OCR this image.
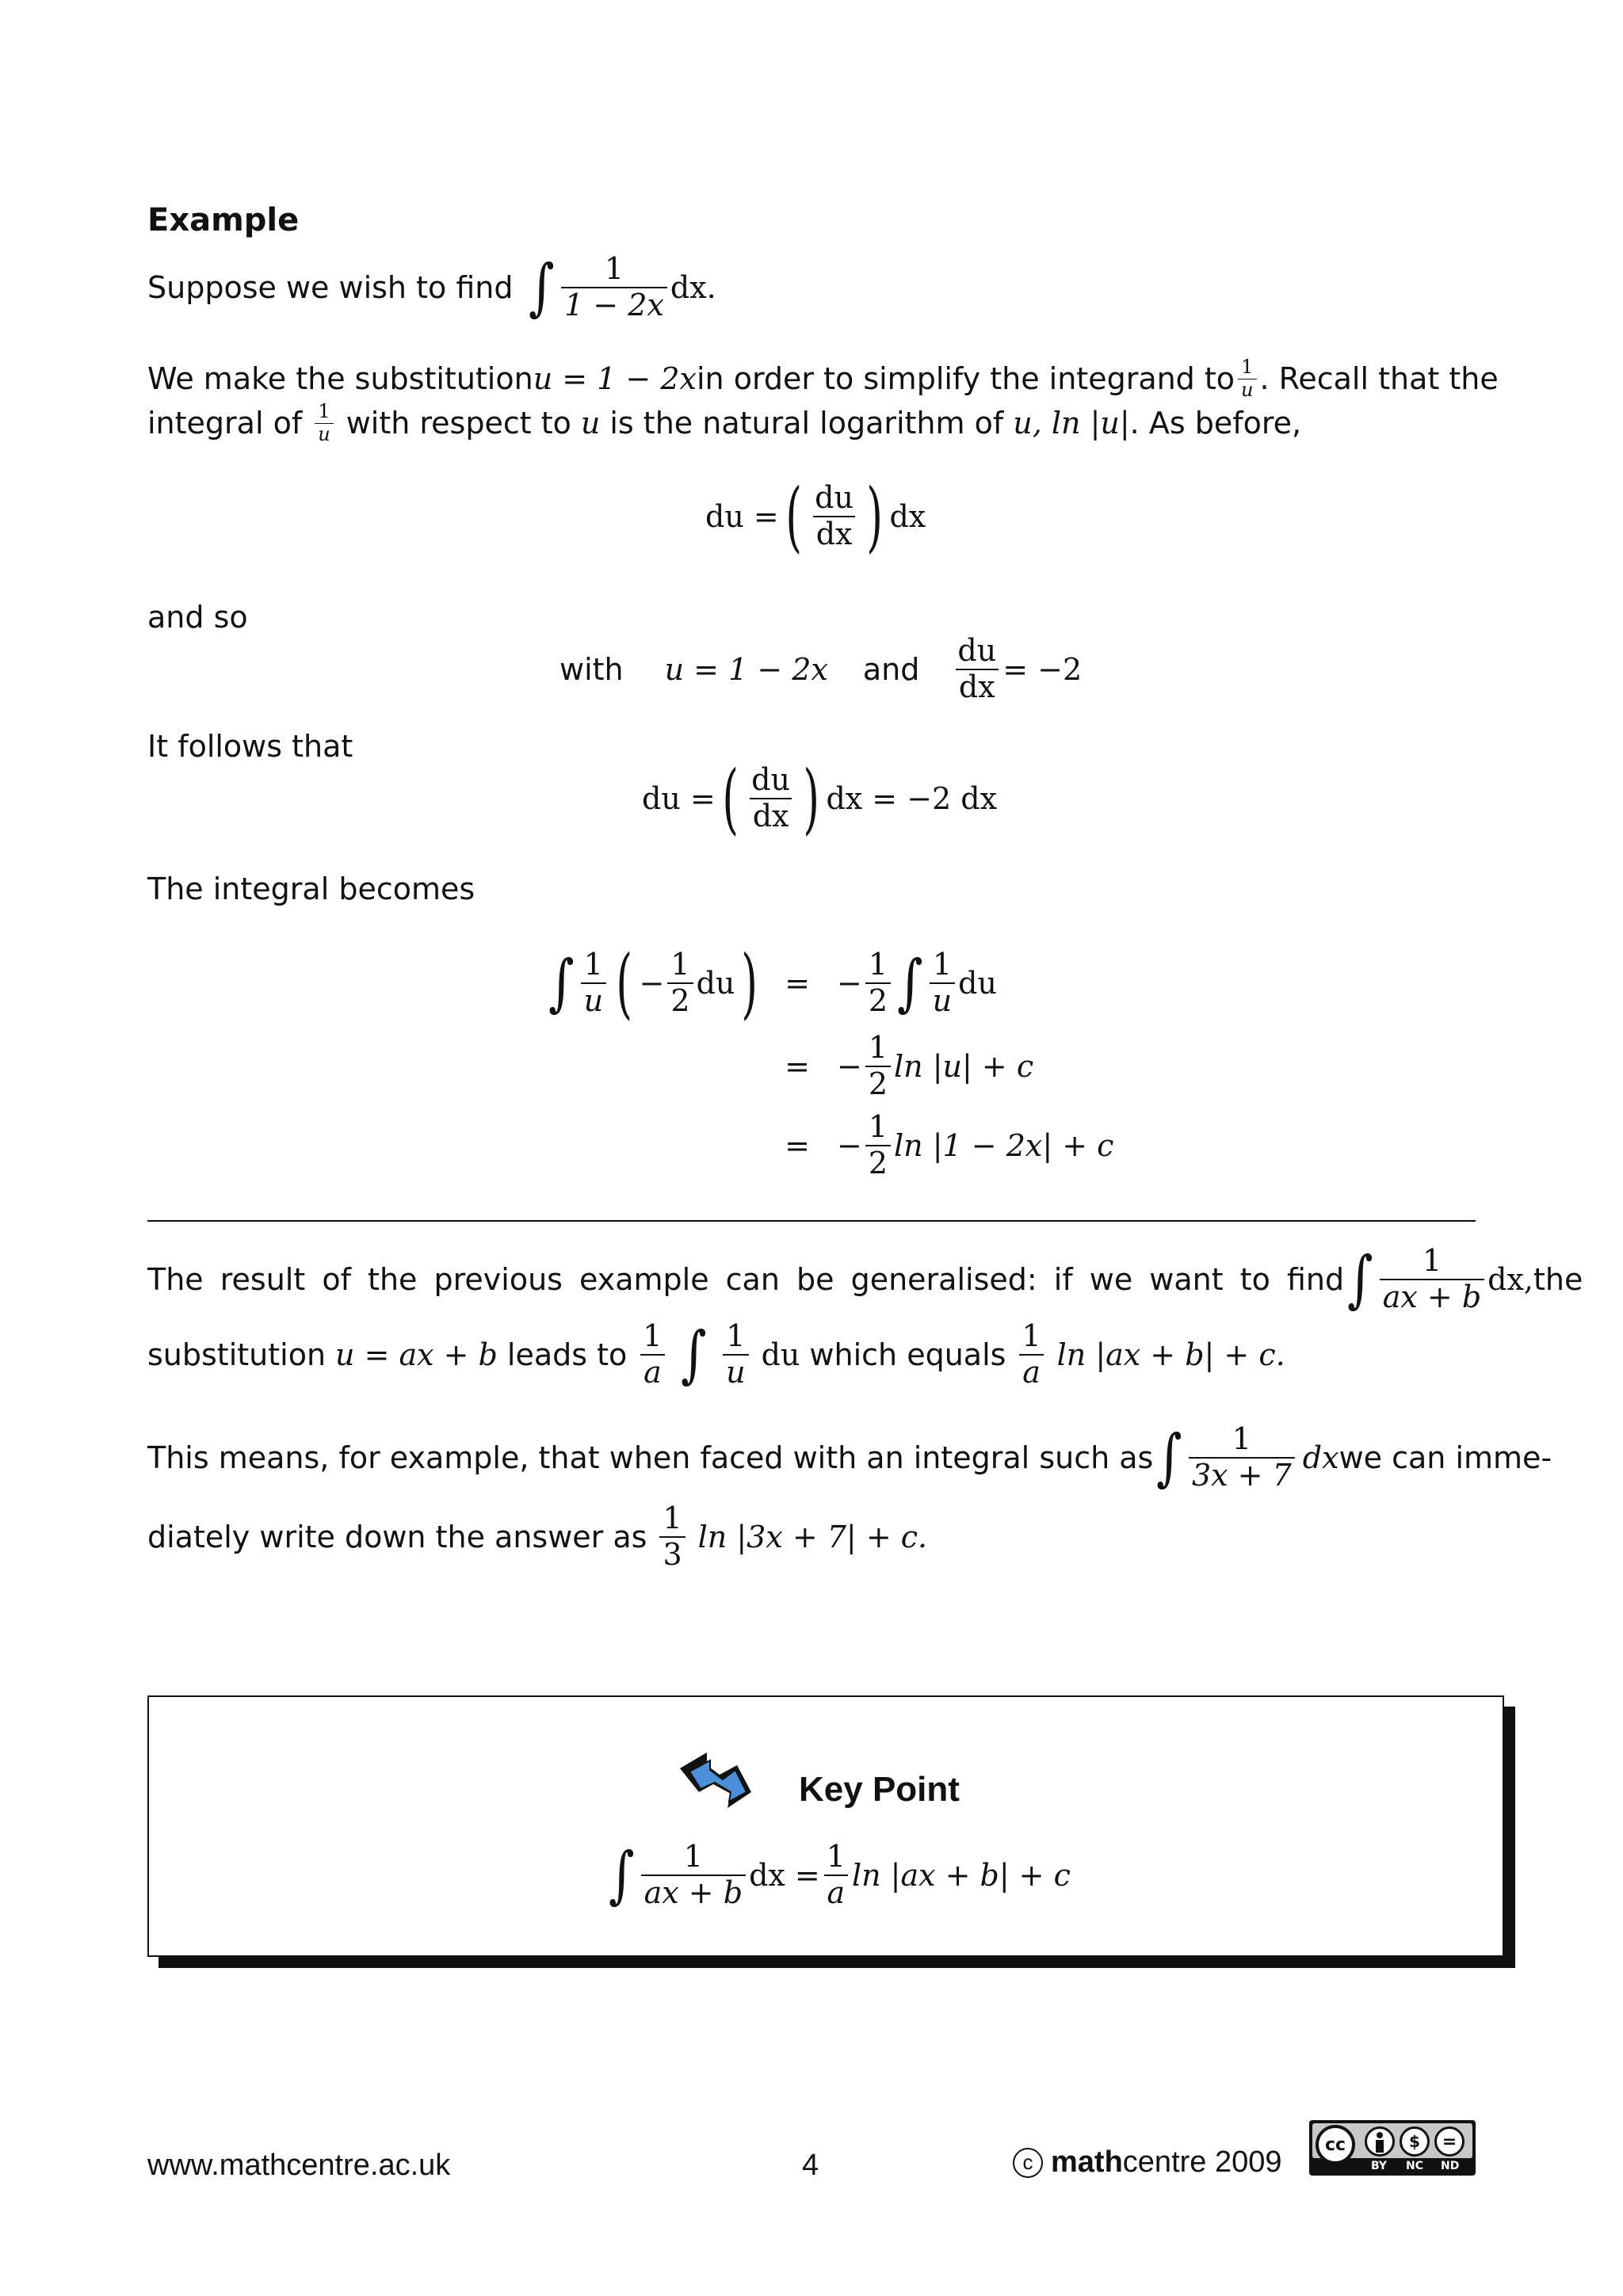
Example
Suppose we wish to find ∫ $\frac{1}{1 - 2x}$ dx.
We make the substitution u = 1 − 2x in order to simplify the integrand to $\frac{1}{u}$ . Recall that the
integral of $\frac{1}{u}$ with respect to u is the natural logarithm of u, ln |u| . As before,
du = ( $\frac{du}{dx}$ ) dx
and so
with u = 1 − 2x and $\frac{du}{dx} = -2$
It follows that
du = ( $\frac{du}{dx}$ ) dx = −2 dx
The integral becomes
∫ $\frac{1}{u}$ ( − $\frac{1}{2}$ du ) = − $\frac{1}{2}$ ∫ $\frac{1}{u}$ du
= − $\frac{1}{2}$ ln |u| + c
= − $\frac{1}{2}$ ln |1 − 2x| + c
The result of the previous example can be generalised: if we want to find ∫ $\frac{1}{ax + b}$ dx, the
substitution u = ax + b leads to $\frac{1}{a}$ ∫ $\frac{1}{u}$ du which equals $\frac{1}{a}$ ln |ax + b| + c.
This means, for example, that when faced with an integral such as ∫ $\frac{1}{3x + 7}$ dx we can imme-
diately write down the answer as $\frac{1}{3}$ ln |3x + 7| + c.
Key Point
∫ $\frac{1}{ax + b}$ dx = $\frac{1}{a}$ ln |ax + b| + c
www.mathcentre.ac.uk	4	c math centre 2009
cc	$	=
BY NC ND
